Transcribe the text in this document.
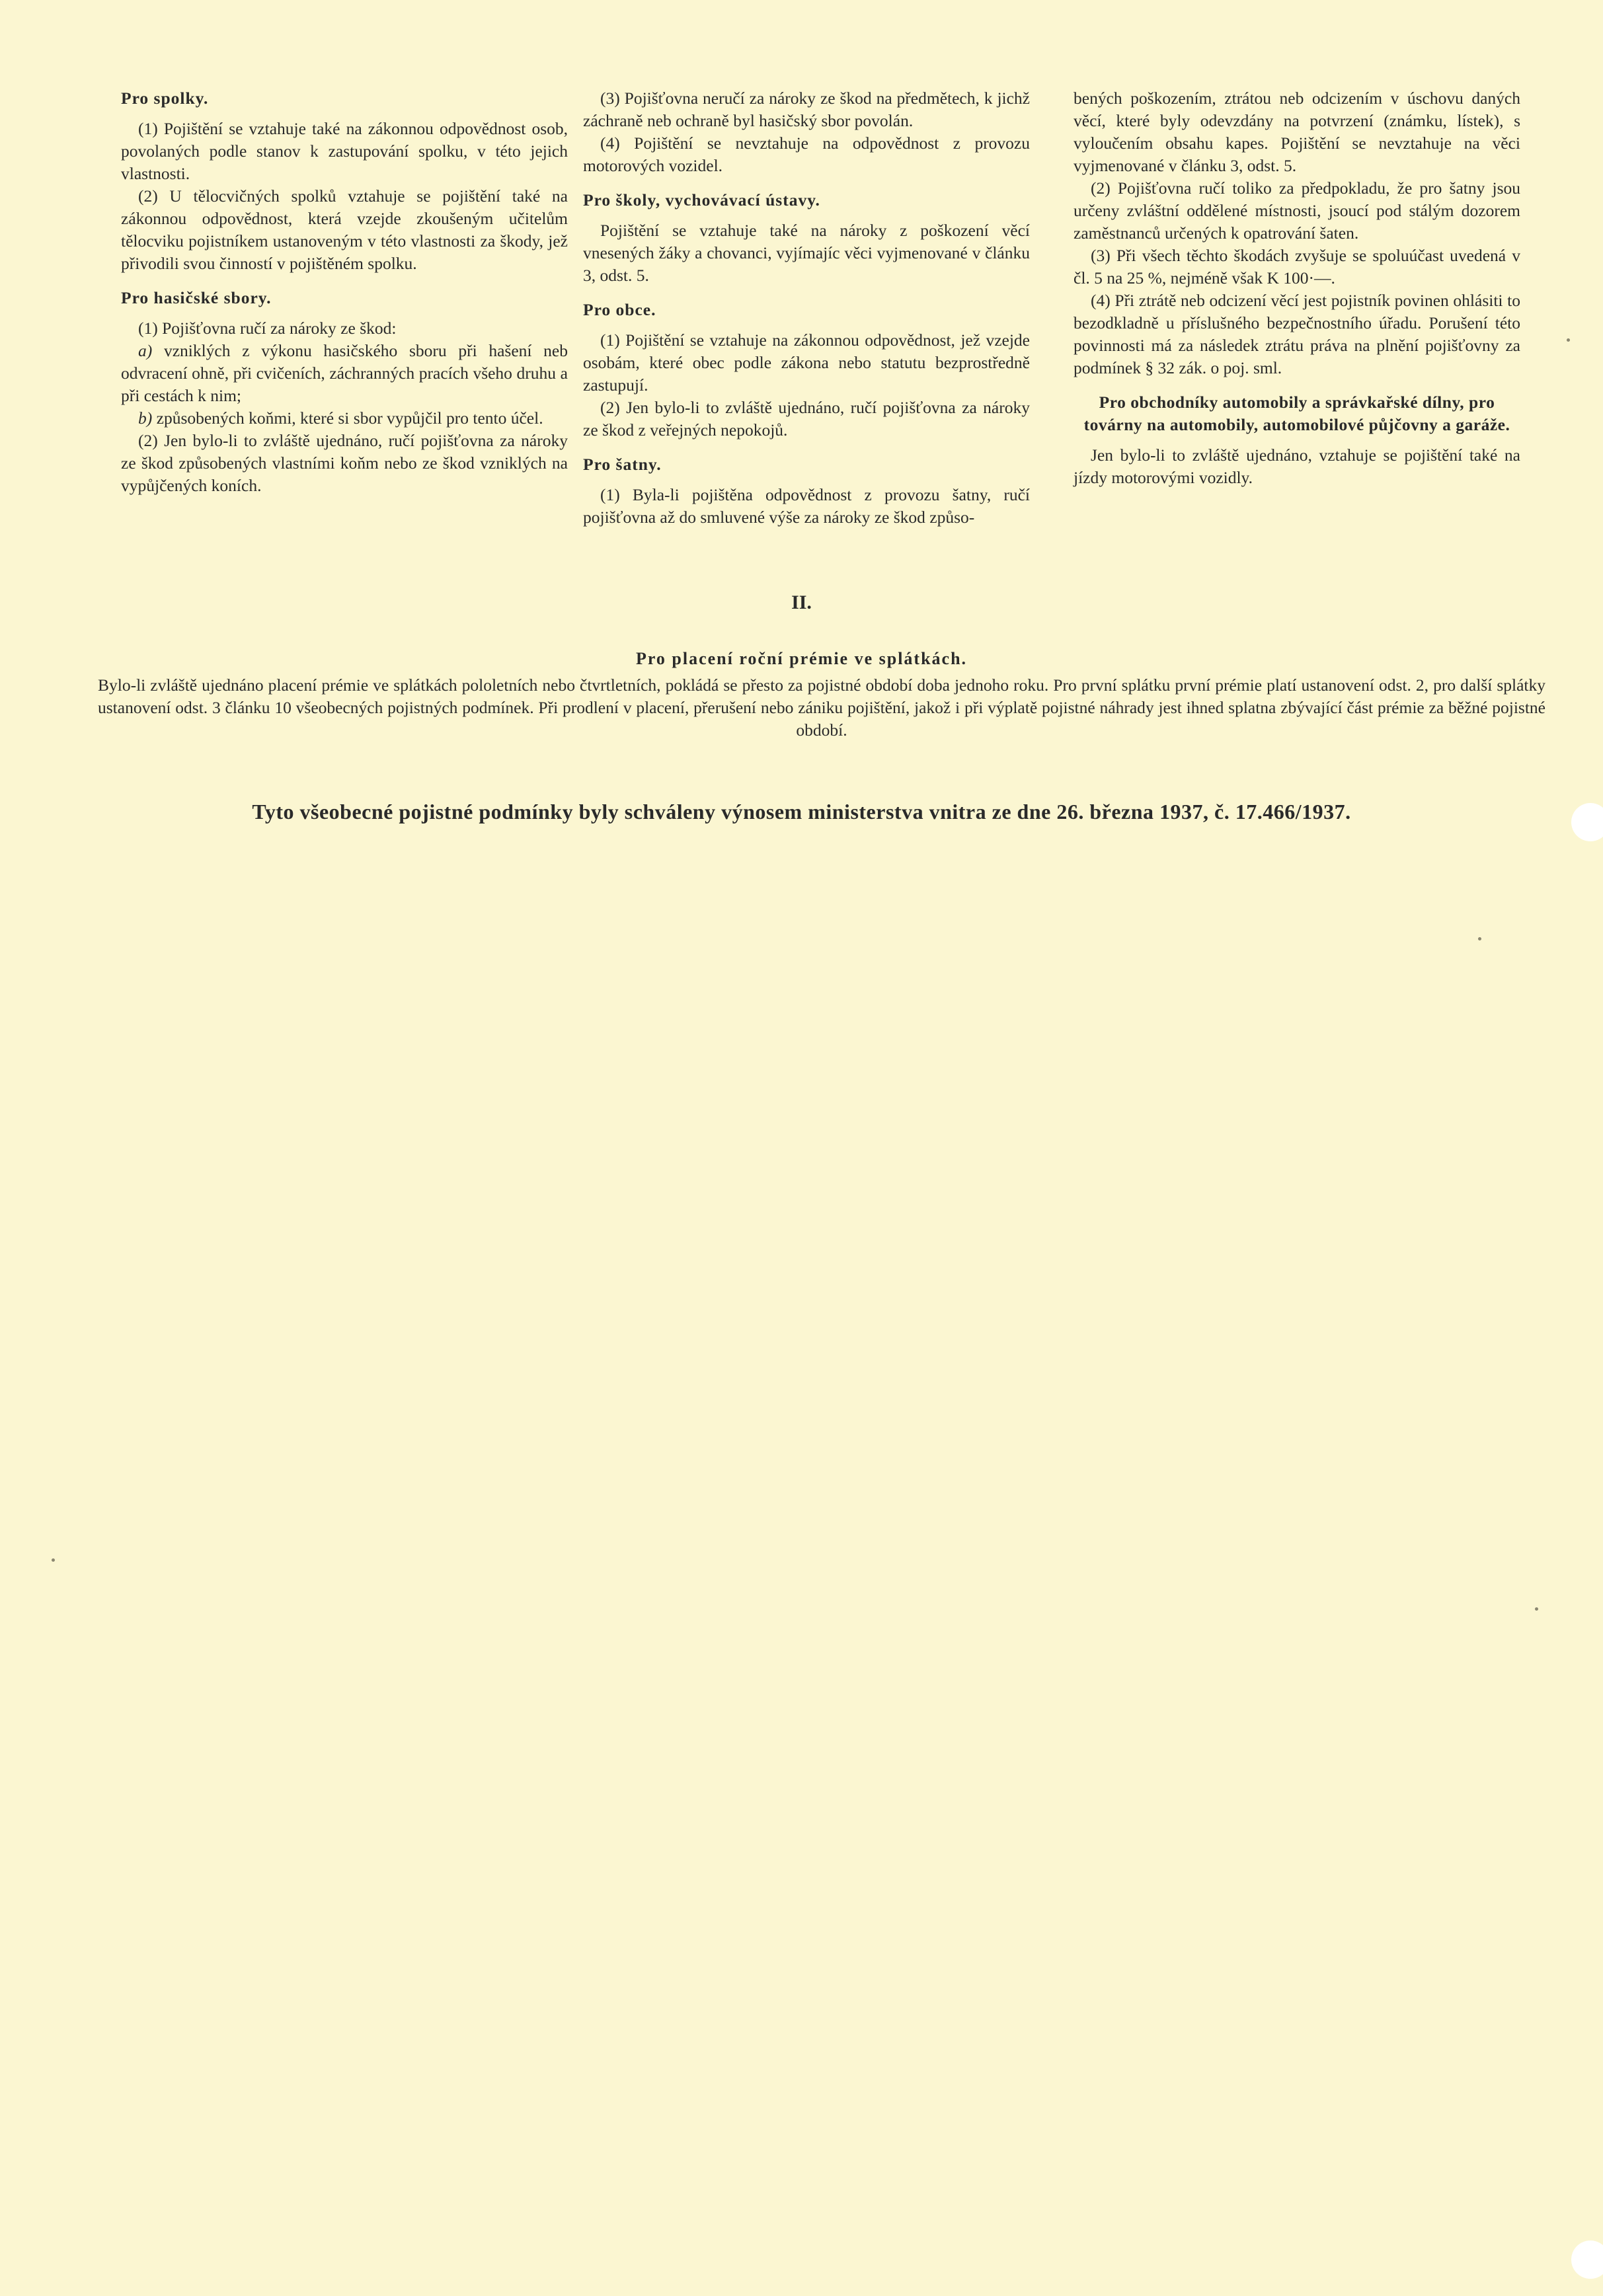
Pro spolky.

(1) Pojištění se vztahuje také na zákonnou odpovědnost osob, povolaných podle stanov k zastupování spolku, v této jejich vlastnosti.

(2) U tělocvičných spolků vztahuje se pojištění také na zákonnou odpovědnost, která vzejde zkoušeným učitelům tělocviku pojistníkem ustanoveným v této vlastnosti za škody, jež přivodili svou činností v pojištěném spolku.

Pro hasičské sbory.

(1) Pojišťovna ručí za nároky ze škod:

a) vzniklých z výkonu hasičského sboru při hašení neb odvracení ohně, při cvičeních, záchranných pracích všeho druhu a při cestách k nim;

b) způsobených koňmi, které si sbor vypůjčil pro tento účel.

(2) Jen bylo-li to zvláště ujednáno, ručí pojišťovna za nároky ze škod způsobených vlastními koňm nebo ze škod vzniklých na vypůjčených koních.

(3) Pojišťovna neručí za nároky ze škod na předmětech, k jichž záchraně neb ochraně byl hasičský sbor povolán.

(4) Pojištění se nevztahuje na odpovědnost z provozu motorových vozidel.

Pro školy, vychovávací ústavy.

Pojištění se vztahuje také na nároky z poškození věcí vnesených žáky a chovanci, vyjímajíc věci vyjmenované v článku 3, odst. 5.

Pro obce.

(1) Pojištění se vztahuje na zákonnou odpovědnost, jež vzejde osobám, které obec podle zákona nebo statutu bezprostředně zastupují.

(2) Jen bylo-li to zvláště ujednáno, ručí pojišťovna za nároky ze škod z veřejných nepokojů.

Pro šatny.

(1) Byla-li pojištěna odpovědnost z provozu šatny, ručí pojišťovna až do smluvené výše za nároky ze škod způso-

bených poškozením, ztrátou neb odcizením v úschovu daných věcí, které byly odevzdány na potvrzení (známku, lístek), s vyloučením obsahu kapes. Pojištění se nevztahuje na věci vyjmenované v článku 3, odst. 5.

(2) Pojišťovna ručí toliko za předpokladu, že pro šatny jsou určeny zvláštní oddělené místnosti, jsoucí pod stálým dozorem zaměstnanců určených k opatrování šaten.

(3) Při všech těchto škodách zvyšuje se spoluúčast uvedená v čl. 5 na 25 %, nejméně však K 100·—.

(4) Při ztrátě neb odcizení věcí jest pojistník povinen ohlásiti to bezodkladně u příslušného bezpečnostního úřadu. Porušení této povinnosti má za následek ztrátu práva na plnění pojišťovny za podmínek § 32 zák. o poj. sml.

Pro obchodníky automobily a správkařské dílny, pro továrny na automobily, automobilové půjčovny a garáže.

Jen bylo-li to zvláště ujednáno, vztahuje se pojištění také na jízdy motorovými vozidly.

II.
Pro placení roční prémie ve splátkách.
Bylo-li zvláště ujednáno placení prémie ve splátkách pololetních nebo čtvrtletních, pokládá se přesto za pojistné období doba jednoho roku. Pro první splátku první prémie platí ustanovení odst. 2, pro další splátky ustanovení odst. 3 článku 10 všeobecných pojistných podmínek. Při prodlení v placení, přerušení nebo zániku pojištění, jakož i při výplatě pojistné náhrady jest ihned splatna zbývající část prémie za běžné pojistné období.
Tyto všeobecné pojistné podmínky byly schváleny výnosem ministerstva vnitra ze dne 26. března 1937, č. 17.466/1937.
